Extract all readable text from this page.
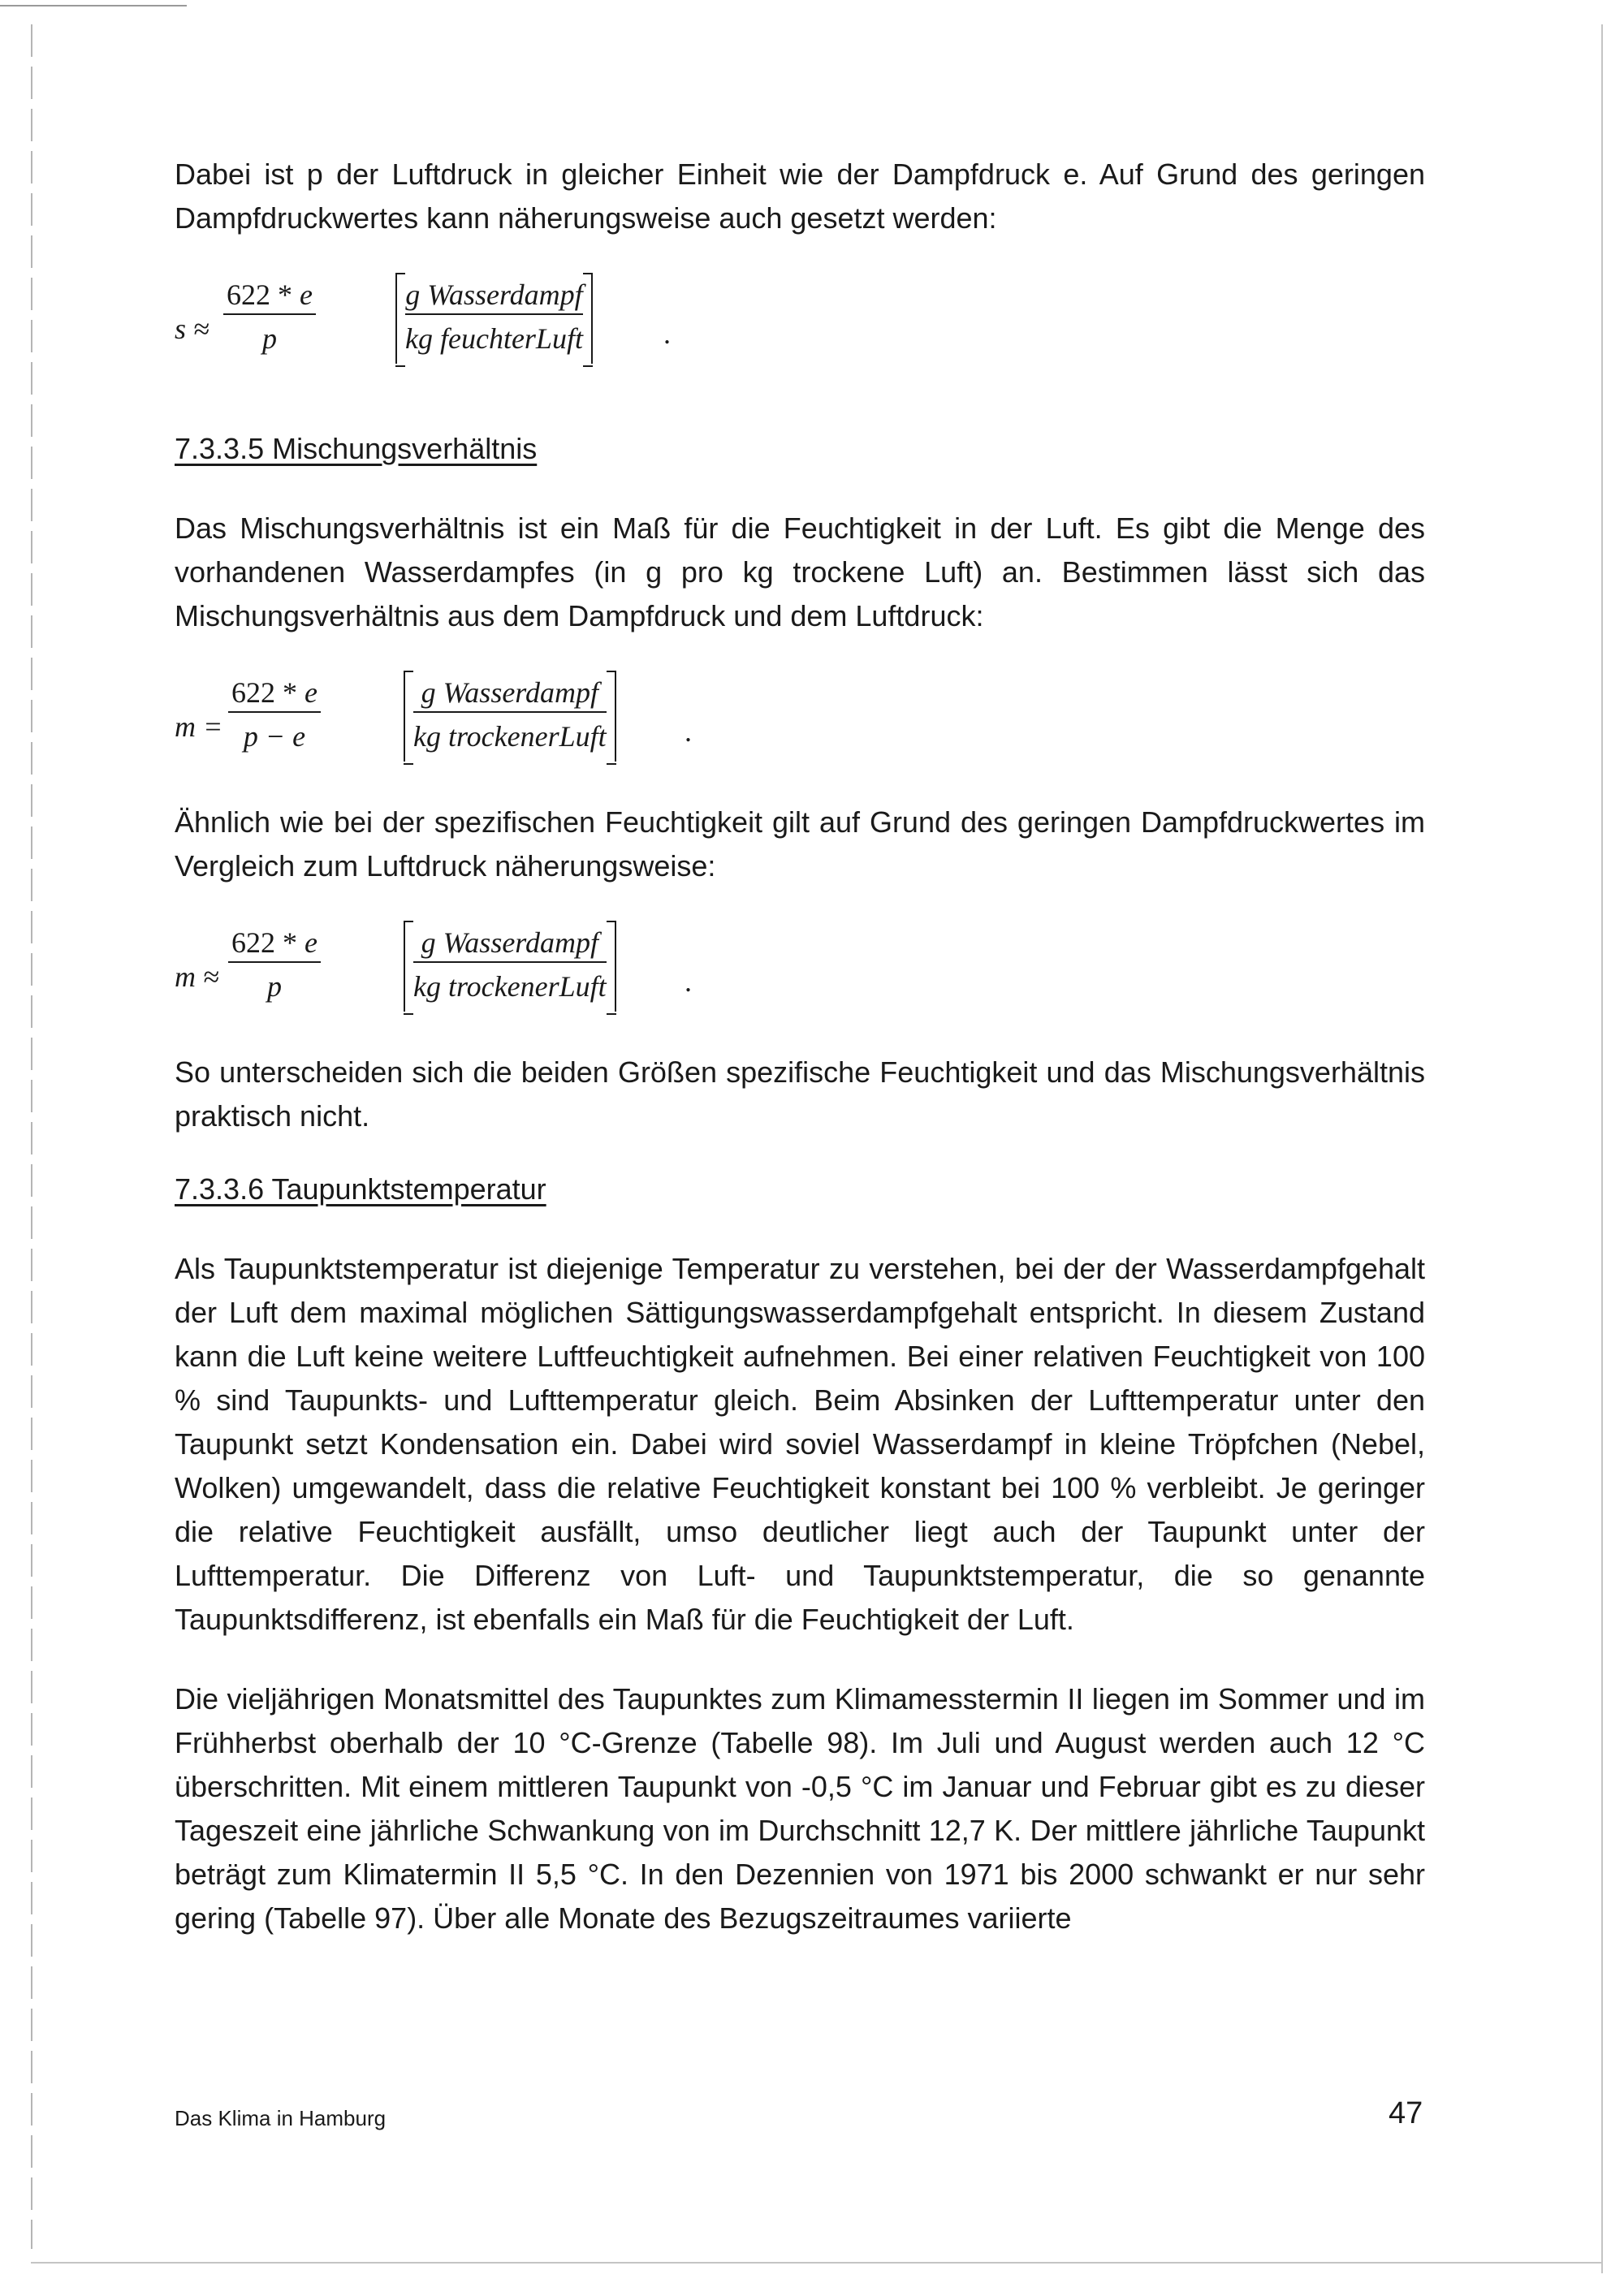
Dabei ist p der Luftdruck in gleicher Einheit wie der Dampfdruck e. Auf Grund des geringen Dampfdruckwertes kann näherungsweise auch gesetzt werden:

$s \approx \frac{622 * e}{p}$	g Wasserdampf
kg feuchterLuft	.

7.3.3.5 Mischungsverhältnis

Das Mischungsverhältnis ist ein Maß für die Feuchtigkeit in der Luft. Es gibt die Menge des vorhandenen Wasserdampfes (in g pro kg trockene Luft) an. Bestimmen lässt sich das Mischungsverhältnis aus dem Dampfdruck und dem Luftdruck:

$m = \frac{622 * e}{p - e}$	g Wasserdampf
kg trockenerLuft	.

Ähnlich wie bei der spezifischen Feuchtigkeit gilt auf Grund des geringen Dampfdruckwertes im Vergleich zum Luftdruck näherungsweise:

$m \approx \frac{622 * e}{p}$	g Wasserdampf
kg trockenerLuft	.

So unterscheiden sich die beiden Größen spezifische Feuchtigkeit und das Mischungsverhältnis praktisch nicht.

7.3.3.6 Taupunktstemperatur

Als Taupunktstemperatur ist diejenige Temperatur zu verstehen, bei der der Wasserdampfgehalt der Luft dem maximal möglichen Sättigungswasserdampfgehalt entspricht. In diesem Zustand kann die Luft keine weitere Luftfeuchtigkeit aufnehmen. Bei einer relativen Feuchtigkeit von 100 % sind Taupunkts- und Lufttemperatur gleich. Beim Absinken der Lufttemperatur unter den Taupunkt setzt Kondensation ein. Dabei wird soviel Wasserdampf in kleine Tröpfchen (Nebel, Wolken) umgewandelt, dass die relative Feuchtigkeit konstant bei 100 % verbleibt. Je geringer die relative Feuchtigkeit ausfällt, umso deutlicher liegt auch der Taupunkt unter der Lufttemperatur. Die Differenz von Luft- und Taupunktstemperatur, die so genannte Taupunktsdifferenz, ist ebenfalls ein Maß für die Feuchtigkeit der Luft.

Die vieljährigen Monatsmittel des Taupunktes zum Klimamesstermin II liegen im Sommer und im Frühherbst oberhalb der 10 °C-Grenze (Tabelle 98). Im Juli und August werden auch 12 °C überschritten. Mit einem mittleren Taupunkt von -0,5 °C im Januar und Februar gibt es zu dieser Tageszeit eine jährliche Schwankung von im Durchschnitt 12,7 K. Der mittlere jährliche Taupunkt beträgt zum Klimatermin II 5,5 °C. In den Dezennien von 1971 bis 2000 schwankt er nur sehr gering (Tabelle 97). Über alle Monate des Bezugszeitraumes variierte

Das Klima in Hamburg	47
